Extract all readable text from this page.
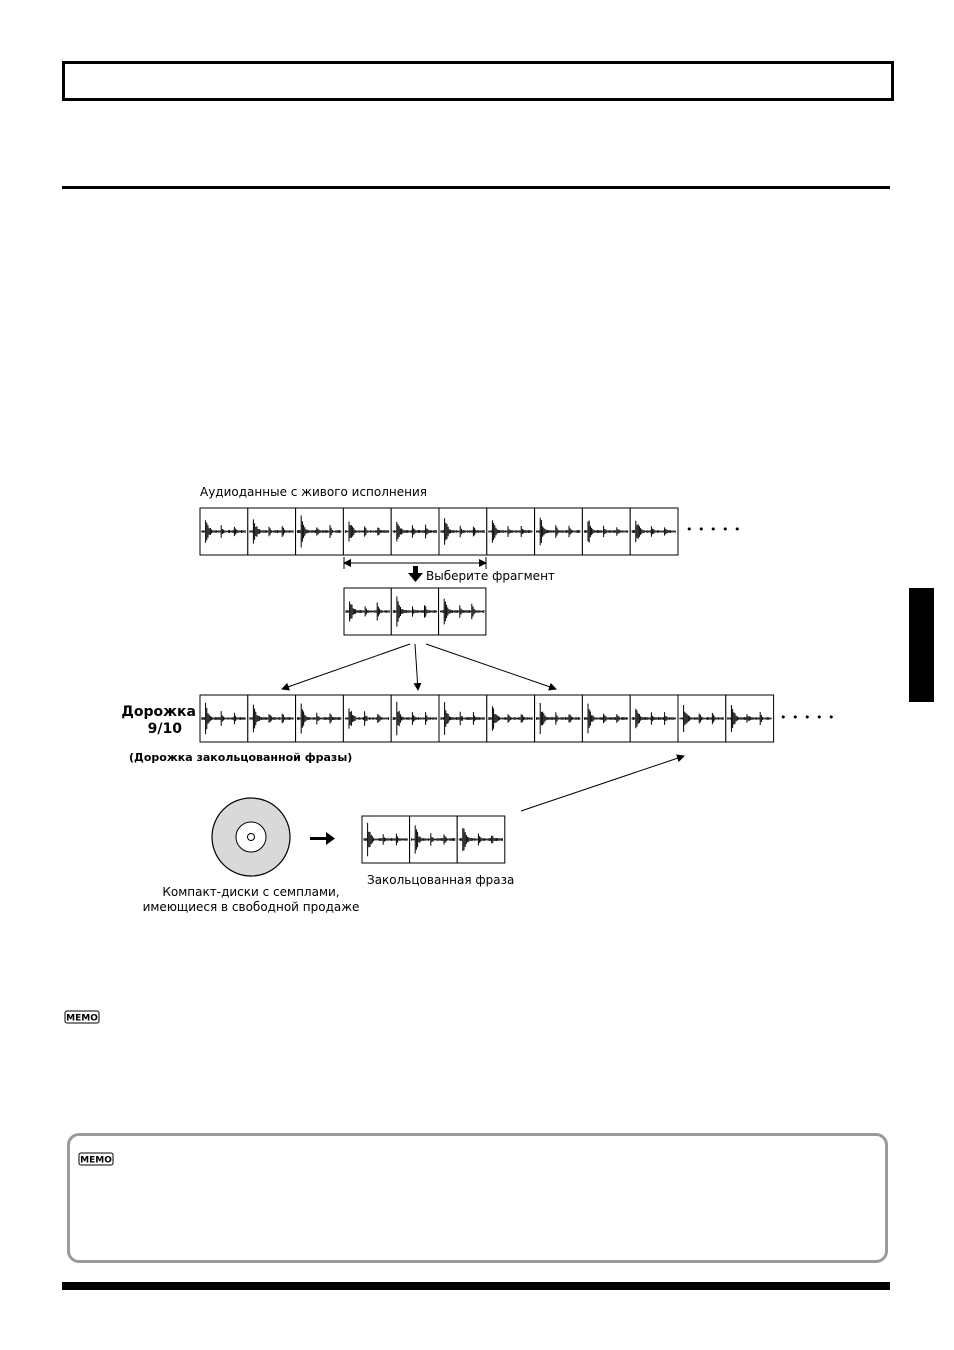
Аудиоданные с живого исполнения
Выберите фрагмент
• • • • •
• • • • •
Дорожка
9/10
(Дорожка закольцованной фразы)
Компакт-диски с семплами,
имеющиеся в свободной продаже
Закольцованная фраза
MEMO
MEMO
